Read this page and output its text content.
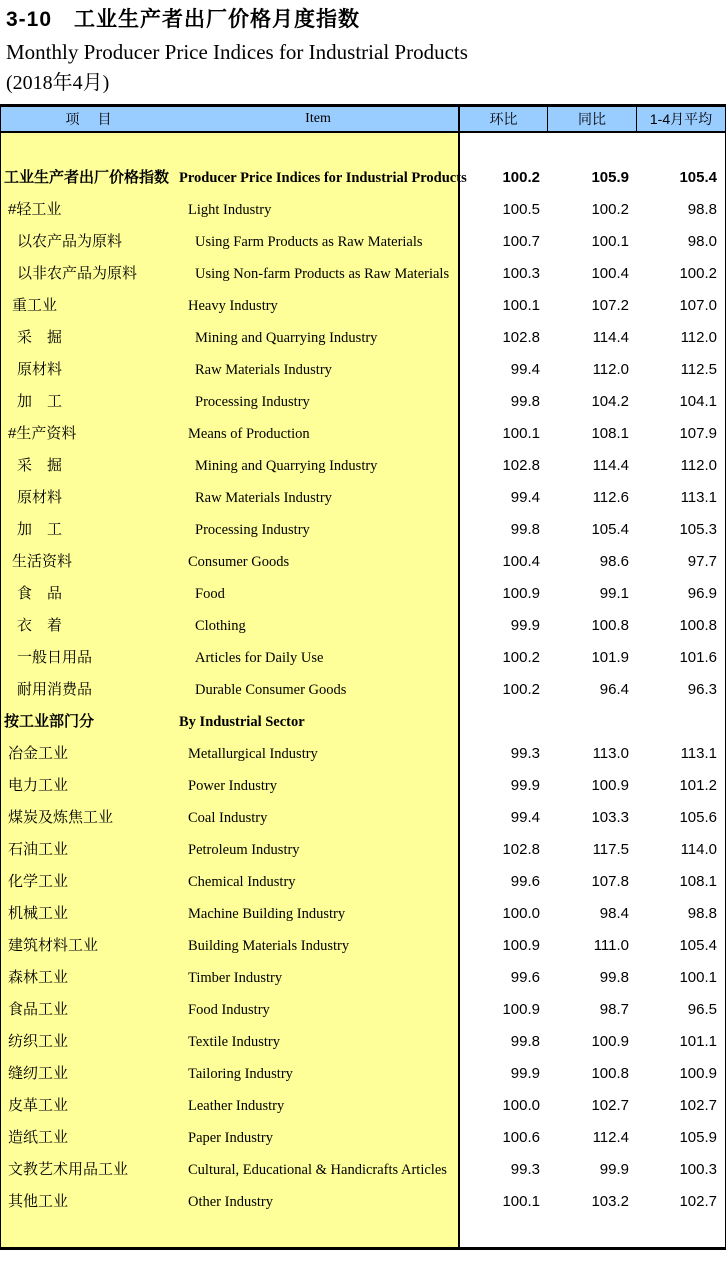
3-10　工业生产者出厂价格月度指数
Monthly Producer Price Indices for Industrial Products
(2018年4月)
项　目	Item	环比	同比	1-4月平均
工业生产者出厂价格指数 Producer Price Indices for Industrial Products	100.2	105.9	105.4
#轻工业	Light Industry	100.5	100.2	98.8
以农产品为原料	Using Farm Products as Raw Materials	100.7	100.1	98.0
以非农产品为原料	Using Non-farm Products as Raw Materials	100.3	100.4	100.2
重工业	Heavy Industry	100.1	107.2	107.0
采　掘	Mining and Quarrying Industry	102.8	114.4	112.0
原材料	Raw Materials Industry	99.4	112.0	112.5
加　工	Processing Industry	99.8	104.2	104.1
#生产资料	Means of Production	100.1	108.1	107.9
采　掘	Mining and Quarrying Industry	102.8	114.4	112.0
原材料	Raw Materials Industry	99.4	112.6	113.1
加　工	Processing Industry	99.8	105.4	105.3
生活资料	Consumer Goods	100.4	98.6	97.7
食　品	Food	100.9	99.1	96.9
衣　着	Clothing	99.9	100.8	100.8
一般日用品	Articles for Daily Use	100.2	101.9	101.6
耐用消费品	Durable Consumer Goods	100.2	96.4	96.3
按工业部门分	By Industrial Sector
冶金工业	Metallurgical Industry	99.3	113.0	113.1
电力工业	Power Industry	99.9	100.9	101.2
煤炭及炼焦工业	Coal Industry	99.4	103.3	105.6
石油工业	Petroleum Industry	102.8	117.5	114.0
化学工业	Chemical Industry	99.6	107.8	108.1
机械工业	Machine Building Industry	100.0	98.4	98.8
建筑材料工业	Building Materials Industry	100.9	111.0	105.4
森林工业	Timber Industry	99.6	99.8	100.1
食品工业	Food Industry	100.9	98.7	96.5
纺织工业	Textile Industry	99.8	100.9	101.1
缝纫工业	Tailoring Industry	99.9	100.8	100.9
皮革工业	Leather Industry	100.0	102.7	102.7
造纸工业	Paper Industry	100.6	112.4	105.9
文教艺术用品工业	Cultural, Educational & Handicrafts Articles	99.3	99.9	100.3
其他工业	Other Industry	100.1	103.2	102.7
